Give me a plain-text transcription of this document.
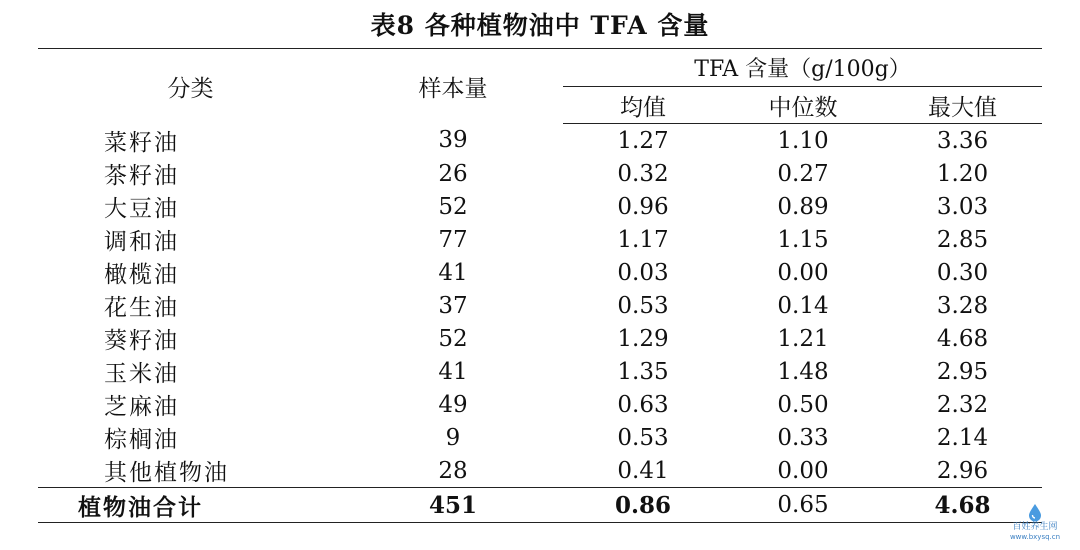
表8 各种植物油中 TFA 含量
分类	样本量	TFA 含量（g/100g）		
		均值	中位数	最大值
菜籽油	39	1.27	1.10	3.36
茶籽油	26	0.32	0.27	1.20
大豆油	52	0.96	0.89	3.03
调和油	77	1.17	1.15	2.85
橄榄油	41	0.03	0.00	0.30
花生油	37	0.53	0.14	3.28
葵籽油	52	1.29	1.21	4.68
玉米油	41	1.35	1.48	2.95
芝麻油	49	0.63	0.50	2.32
棕榈油	9	0.53	0.33	2.14
其他植物油	28	0.41	0.00	2.96
植物油合计	451	0.86	0.65	4.68
百姓养生网
www.bxysq.cn
